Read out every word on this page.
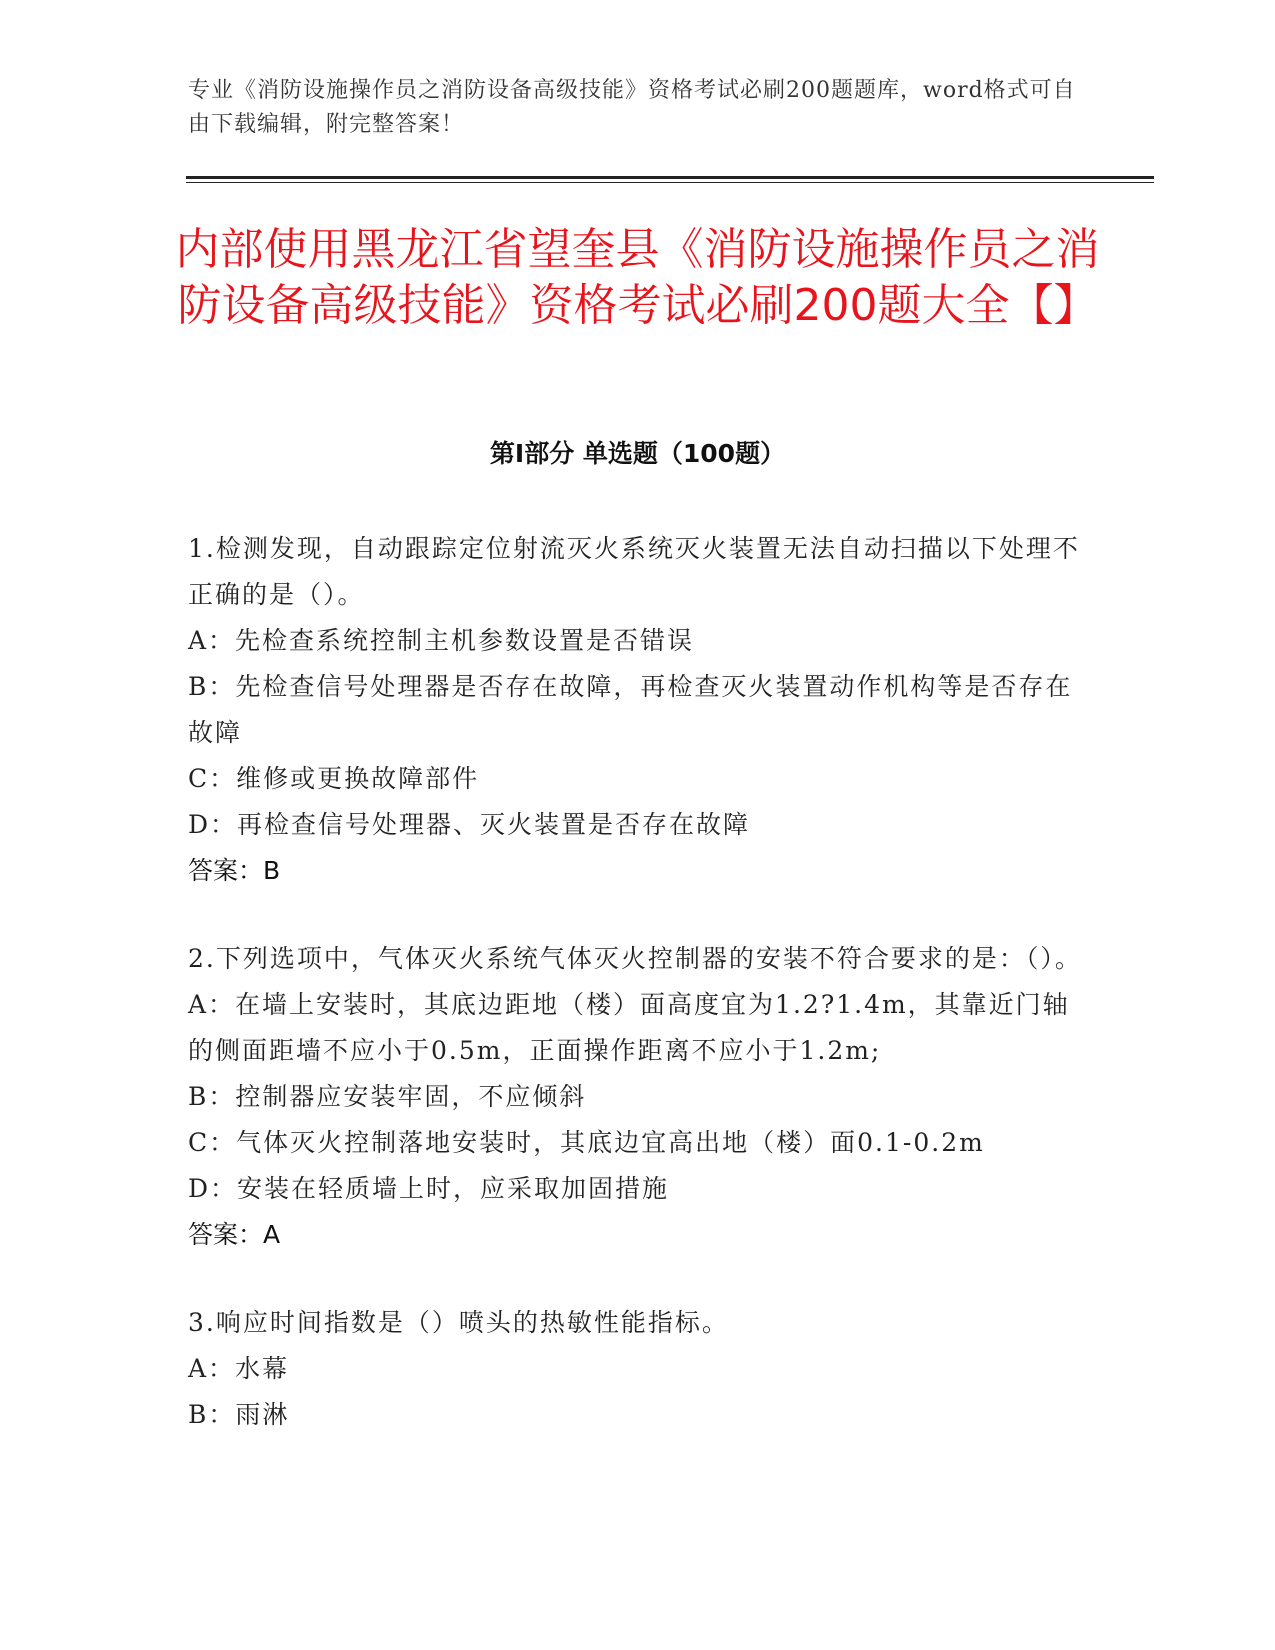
专业《消防设施操作员之消防设备高级技能》资格考试必刷200题题库，word格式可自由下载编辑，附完整答案！
内部使用黑龙江省望奎县《消防设施操作员之消防设备高级技能》资格考试必刷200题大全【】
第Ⅰ部分 单选题（100题）

1.检测发现，自动跟踪定位射流灭火系统灭火装置无法自动扫描以下处理不正确的是（）。

A：先检查系统控制主机参数设置是否错误

B：先检查信号处理器是否存在故障，再检查灭火装置动作机构等是否存在故障

C：维修或更换故障部件

D：再检查信号处理器、灭火装置是否存在故障

答案：B

2.下列选项中，气体灭火系统气体灭火控制器的安装不符合要求的是：（）。

A：在墙上安装时，其底边距地（楼）面高度宜为1.2?1.4m，其靠近门轴的侧面距墙不应小于0.5m，正面操作距离不应小于1.2m;

B：控制器应安装牢固，不应倾斜

C：气体灭火控制落地安装时，其底边宜高出地（楼）面0.1-0.2m

D：安装在轻质墙上时，应采取加固措施

答案：A

3.响应时间指数是（）喷头的热敏性能指标。

A：水幕

B：雨淋
